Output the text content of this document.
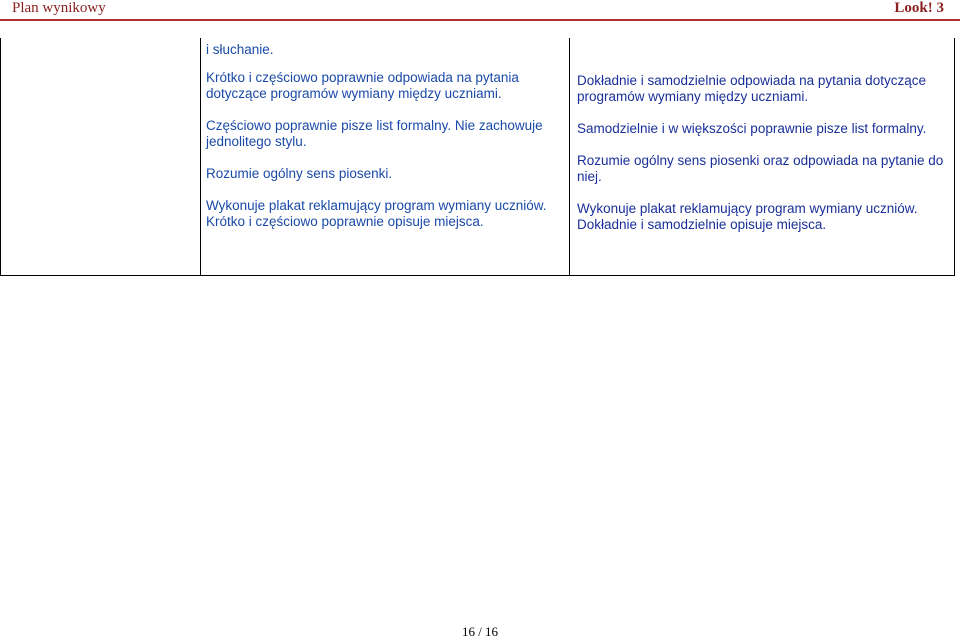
Plan wynikowy	Look! 3

i słuchanie.

Krótko i częściowo poprawnie odpowiada na pytania dotyczące programów wymiany między uczniami.

Częściowo poprawnie pisze list formalny. Nie zachowuje jednolitego stylu.

Rozumie ogólny sens piosenki.

Wykonuje plakat reklamujący program wymiany uczniów. Krótko i częściowo poprawnie opisuje miejsca.

Dokładnie i samodzielnie odpowiada na pytania dotyczące programów wymiany między uczniami.

Samodzielnie i w większości poprawnie pisze list formalny.

Rozumie ogólny sens piosenki oraz odpowiada na pytanie do niej.

Wykonuje plakat reklamujący program wymiany uczniów. Dokładnie i samodzielnie opisuje miejsca.

16 / 16
